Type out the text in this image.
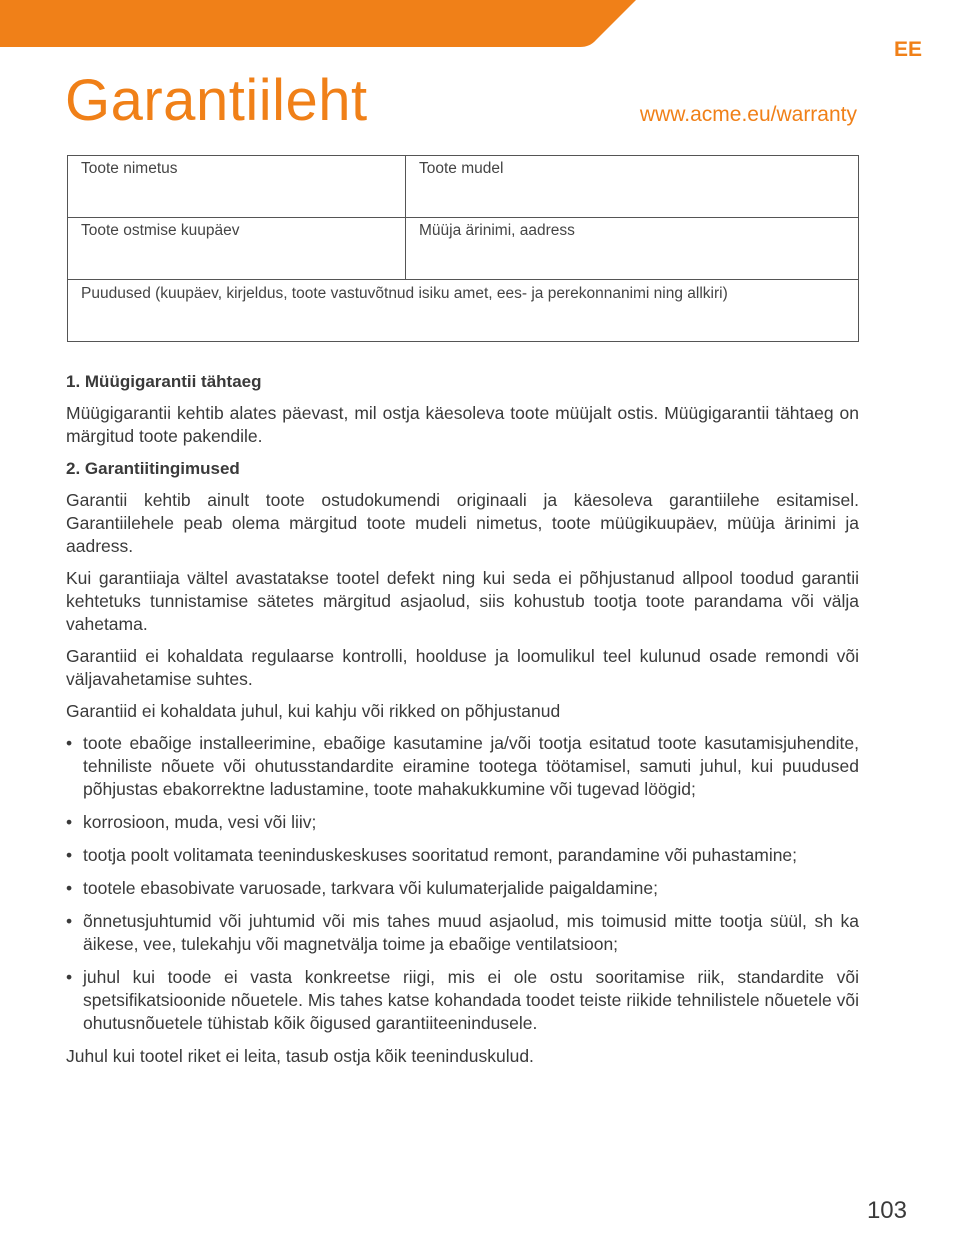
EE
Garantiileht	www.acme.eu/warranty
Toote nimetus	Toote mudel
Toote ostmise kuupäev	Müüja ärinimi, aadress
Puudused (kuupäev, kirjeldus, toote vastuvõtnud isiku amet, ees- ja perekonnanimi ning allkiri)	
1. Müügigarantii tähtaeg

Müügigarantii kehtib alates päevast, mil ostja käesoleva toote müüjalt ostis. Müügigarantii tähtaeg on märgitud toote pakendile.

2. Garantiitingimused

Garantii kehtib ainult toote ostudokumendi originaali ja käesoleva garantiilehe esitamisel. Garantiilehele peab olema märgitud toote mudeli nimetus, toote müügikuupäev, müüja ärinimi ja aadress.

Kui garantiiaja vältel avastatakse tootel defekt ning kui seda ei põhjustanud allpool toodud garantii kehtetuks tunnistamise sätetes märgitud asjaolud, siis kohustub tootja toote parandama või välja vahetama.

Garantiid ei kohaldata regulaarse kontrolli, hoolduse ja loomulikul teel kulunud osade remondi või väljavahetamise suhtes.

Garantiid ei kohaldata juhul, kui kahju või rikked on põhjustanud

• toote ebaõige installeerimine, ebaõige kasutamine ja/või tootja esitatud toote kasutamisjuhendite, tehniliste nõuete või ohutusstandardite eiramine tootega töötamisel, samuti juhul, kui puudused põhjustas ebakorrektne ladustamine, toote mahakukkumine või tugevad löögid;
• korrosioon, muda, vesi või liiv;
• tootja poolt volitamata teeninduskeskuses sooritatud remont, parandamine või puhastamine;
• tootele ebasobivate varuosade, tarkvara või kulumaterjalide paigaldamine;
• õnnetusjuhtumid või juhtumid või mis tahes muud asjaolud, mis toimusid mitte tootja süül, sh ka äikese, vee, tulekahju või magnetvälja toime ja ebaõige ventilatsioon;
• juhul kui toode ei vasta konkreetse riigi, mis ei ole ostu sooritamise riik, standardite või spetsifikatsioonide nõuetele. Mis tahes katse kohandada toodet teiste riikide tehnilistele nõuetele või ohutusnõuetele tühistab kõik õigused garantiiteenindusele.

Juhul kui tootel riket ei leita, tasub ostja kõik teeninduskulud.

103
